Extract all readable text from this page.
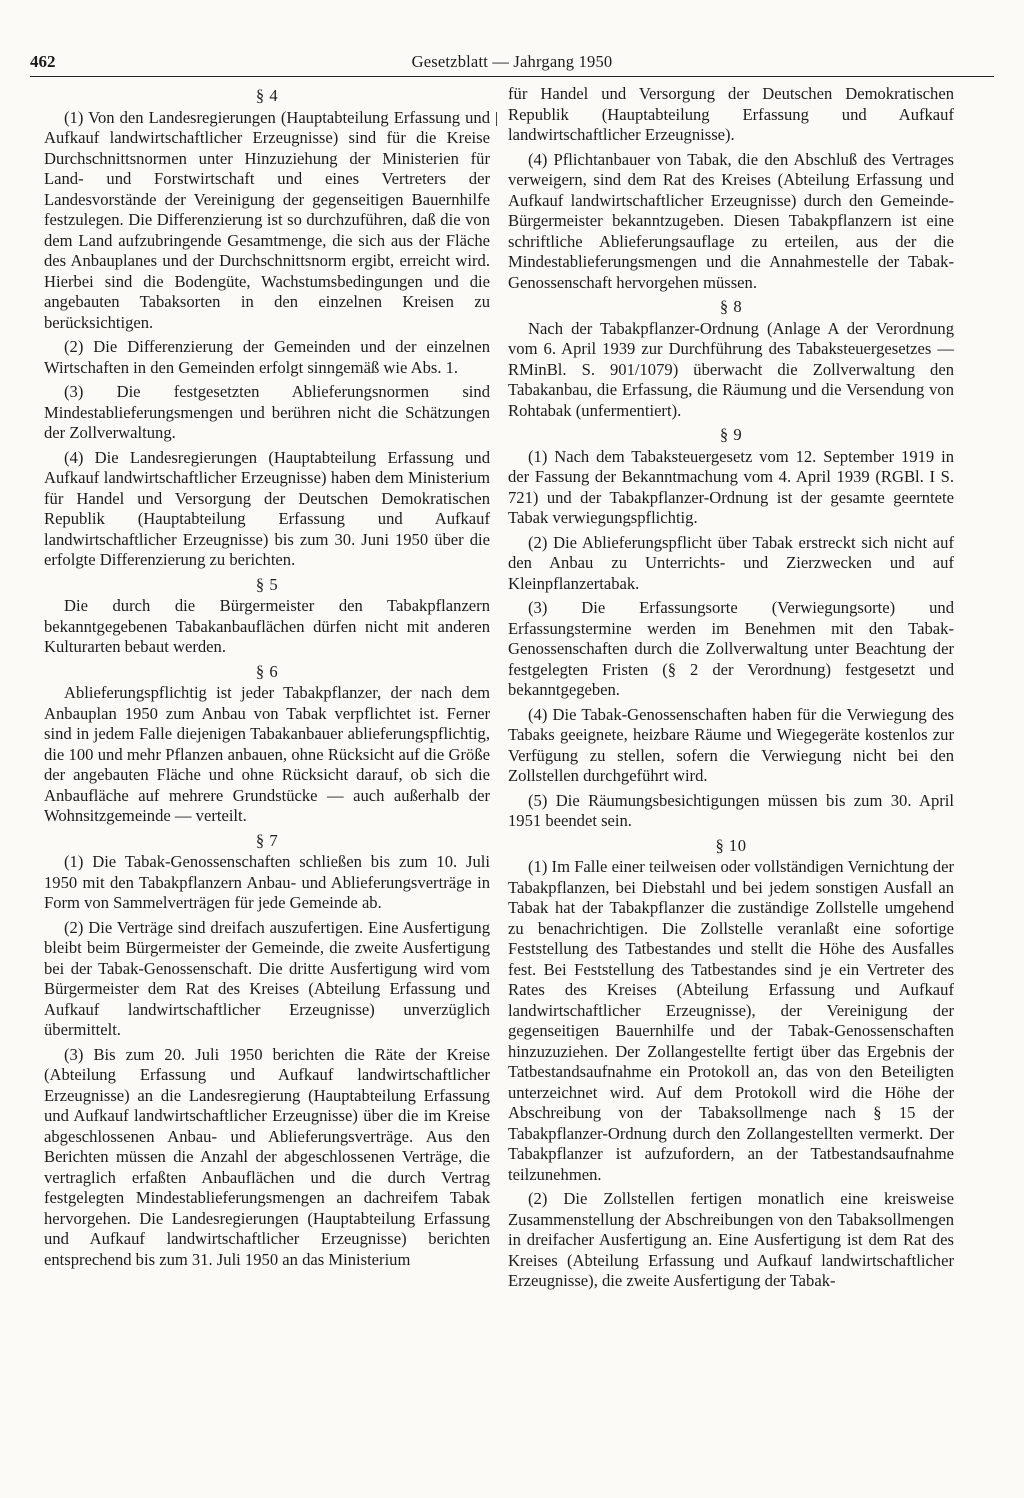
462	Gesetzblatt — Jahrgang 1950
§ 4
(1) Von den Landesregierungen (Hauptabteilung Erfassung und Aufkauf landwirtschaftlicher Erzeugnisse) sind für die Kreise Durchschnittsnormen unter Hinzuziehung der Ministerien für Land- und Forstwirtschaft und eines Vertreters der Landesvorstände der Vereinigung der gegenseitigen Bauernhilfe festzulegen. Die Differenzierung ist so durchzuführen, daß die von dem Land aufzubringende Gesamtmenge, die sich aus der Fläche des Anbauplanes und der Durchschnittsnorm ergibt, erreicht wird. Hierbei sind die Bodengüte, Wachstumsbedingungen und die angebauten Tabaksorten in den einzelnen Kreisen zu berücksichtigen.
(2) Die Differenzierung der Gemeinden und der einzelnen Wirtschaften in den Gemeinden erfolgt sinngemäß wie Abs. 1.
(3) Die festgesetzten Ablieferungsnormen sind Mindestablieferungsmengen und berühren nicht die Schätzungen der Zollverwaltung.
(4) Die Landesregierungen (Hauptabteilung Erfassung und Aufkauf landwirtschaftlicher Erzeugnisse) haben dem Ministerium für Handel und Versorgung der Deutschen Demokratischen Republik (Hauptabteilung Erfassung und Aufkauf landwirtschaftlicher Erzeugnisse) bis zum 30. Juni 1950 über die erfolgte Differenzierung zu berichten.
§ 5
Die durch die Bürgermeister den Tabakpflanzern bekanntgegebenen Tabakanbauflächen dürfen nicht mit anderen Kulturarten bebaut werden.
§ 6
Ablieferungspflichtig ist jeder Tabakpflanzer, der nach dem Anbauplan 1950 zum Anbau von Tabak verpflichtet ist. Ferner sind in jedem Falle diejenigen Tabakanbauer ablieferungspflichtig, die 100 und mehr Pflanzen anbauen, ohne Rücksicht auf die Größe der angebauten Fläche und ohne Rücksicht darauf, ob sich die Anbaufläche auf mehrere Grundstücke — auch außerhalb der Wohnsitzgemeinde — verteilt.
§ 7
(1) Die Tabak-Genossenschaften schließen bis zum 10. Juli 1950 mit den Tabakpflanzern Anbau- und Ablieferungsverträge in Form von Sammelverträgen für jede Gemeinde ab.
(2) Die Verträge sind dreifach auszufertigen. Eine Ausfertigung bleibt beim Bürgermeister der Gemeinde, die zweite Ausfertigung bei der Tabak-Genossenschaft. Die dritte Ausfertigung wird vom Bürgermeister dem Rat des Kreises (Abteilung Erfassung und Aufkauf landwirtschaftlicher Erzeugnisse) unverzüglich übermittelt.
(3) Bis zum 20. Juli 1950 berichten die Räte der Kreise (Abteilung Erfassung und Aufkauf landwirtschaftlicher Erzeugnisse) an die Landesregierung (Hauptabteilung Erfassung und Aufkauf landwirtschaftlicher Erzeugnisse) über die im Kreise abgeschlossenen Anbau- und Ablieferungsverträge. Aus den Berichten müssen die Anzahl der abgeschlossenen Verträge, die vertraglich erfaßten Anbauflächen und die durch Vertrag festgelegten Mindestablieferungsmengen an dachreifem Tabak hervorgehen. Die Landesregierungen (Hauptabteilung Erfassung und Aufkauf landwirtschaftlicher Erzeugnisse) berichten entsprechend bis zum 31. Juli 1950 an das Ministerium
für Handel und Versorgung der Deutschen Demokratischen Republik (Hauptabteilung Erfassung und Aufkauf landwirtschaftlicher Erzeugnisse).
(4) Pflichtanbauer von Tabak, die den Abschluß des Vertrages verweigern, sind dem Rat des Kreises (Abteilung Erfassung und Aufkauf landwirtschaftlicher Erzeugnisse) durch den Gemeinde-Bürgermeister bekanntzugeben. Diesen Tabakpflanzern ist eine schriftliche Ablieferungsauflage zu erteilen, aus der die Mindestablieferungsmengen und die Annahmestelle der Tabak-Genossenschaft hervorgehen müssen.
§ 8
Nach der Tabakpflanzer-Ordnung (Anlage A der Verordnung vom 6. April 1939 zur Durchführung des Tabaksteuergesetzes — RMinBl. S. 901/1079) überwacht die Zollverwaltung den Tabakanbau, die Erfassung, die Räumung und die Versendung von Rohtabak (unfermentiert).
§ 9
(1) Nach dem Tabaksteuergesetz vom 12. September 1919 in der Fassung der Bekanntmachung vom 4. April 1939 (RGBl. I S. 721) und der Tabakpflanzer-Ordnung ist der gesamte geerntete Tabak verwiegungspflichtig.
(2) Die Ablieferungspflicht über Tabak erstreckt sich nicht auf den Anbau zu Unterrichts- und Zierzwecken und auf Kleinpflanzertabak.
(3) Die Erfassungsorte (Verwiegungsorte) und Erfassungstermine werden im Benehmen mit den Tabak-Genossenschaften durch die Zollverwaltung unter Beachtung der festgelegten Fristen (§ 2 der Verordnung) festgesetzt und bekanntgegeben.
(4) Die Tabak-Genossenschaften haben für die Verwiegung des Tabaks geeignete, heizbare Räume und Wiegegeräte kostenlos zur Verfügung zu stellen, sofern die Verwiegung nicht bei den Zollstellen durchgeführt wird.
(5) Die Räumungsbesichtigungen müssen bis zum 30. April 1951 beendet sein.
§ 10
(1) Im Falle einer teilweisen oder vollständigen Vernichtung der Tabakpflanzen, bei Diebstahl und bei jedem sonstigen Ausfall an Tabak hat der Tabakpflanzer die zuständige Zollstelle umgehend zu benachrichtigen. Die Zollstelle veranlaßt eine sofortige Feststellung des Tatbestandes und stellt die Höhe des Ausfalles fest. Bei Feststellung des Tatbestandes sind je ein Vertreter des Rates des Kreises (Abteilung Erfassung und Aufkauf landwirtschaftlicher Erzeugnisse), der Vereinigung der gegenseitigen Bauernhilfe und der Tabak-Genossenschaften hinzuzuziehen. Der Zollangestellte fertigt über das Ergebnis der Tatbestandsaufnahme ein Protokoll an, das von den Beteiligten unterzeichnet wird. Auf dem Protokoll wird die Höhe der Abschreibung von der Tabaksollmenge nach § 15 der Tabakpflanzer-Ordnung durch den Zollangestellten vermerkt. Der Tabakpflanzer ist aufzufordern, an der Tatbestandsaufnahme teilzunehmen.
(2) Die Zollstellen fertigen monatlich eine kreisweise Zusammenstellung der Abschreibungen von den Tabaksollmengen in dreifacher Ausfertigung an. Eine Ausfertigung ist dem Rat des Kreises (Abteilung Erfassung und Aufkauf landwirtschaftlicher Erzeugnisse), die zweite Ausfertigung der Tabak-
